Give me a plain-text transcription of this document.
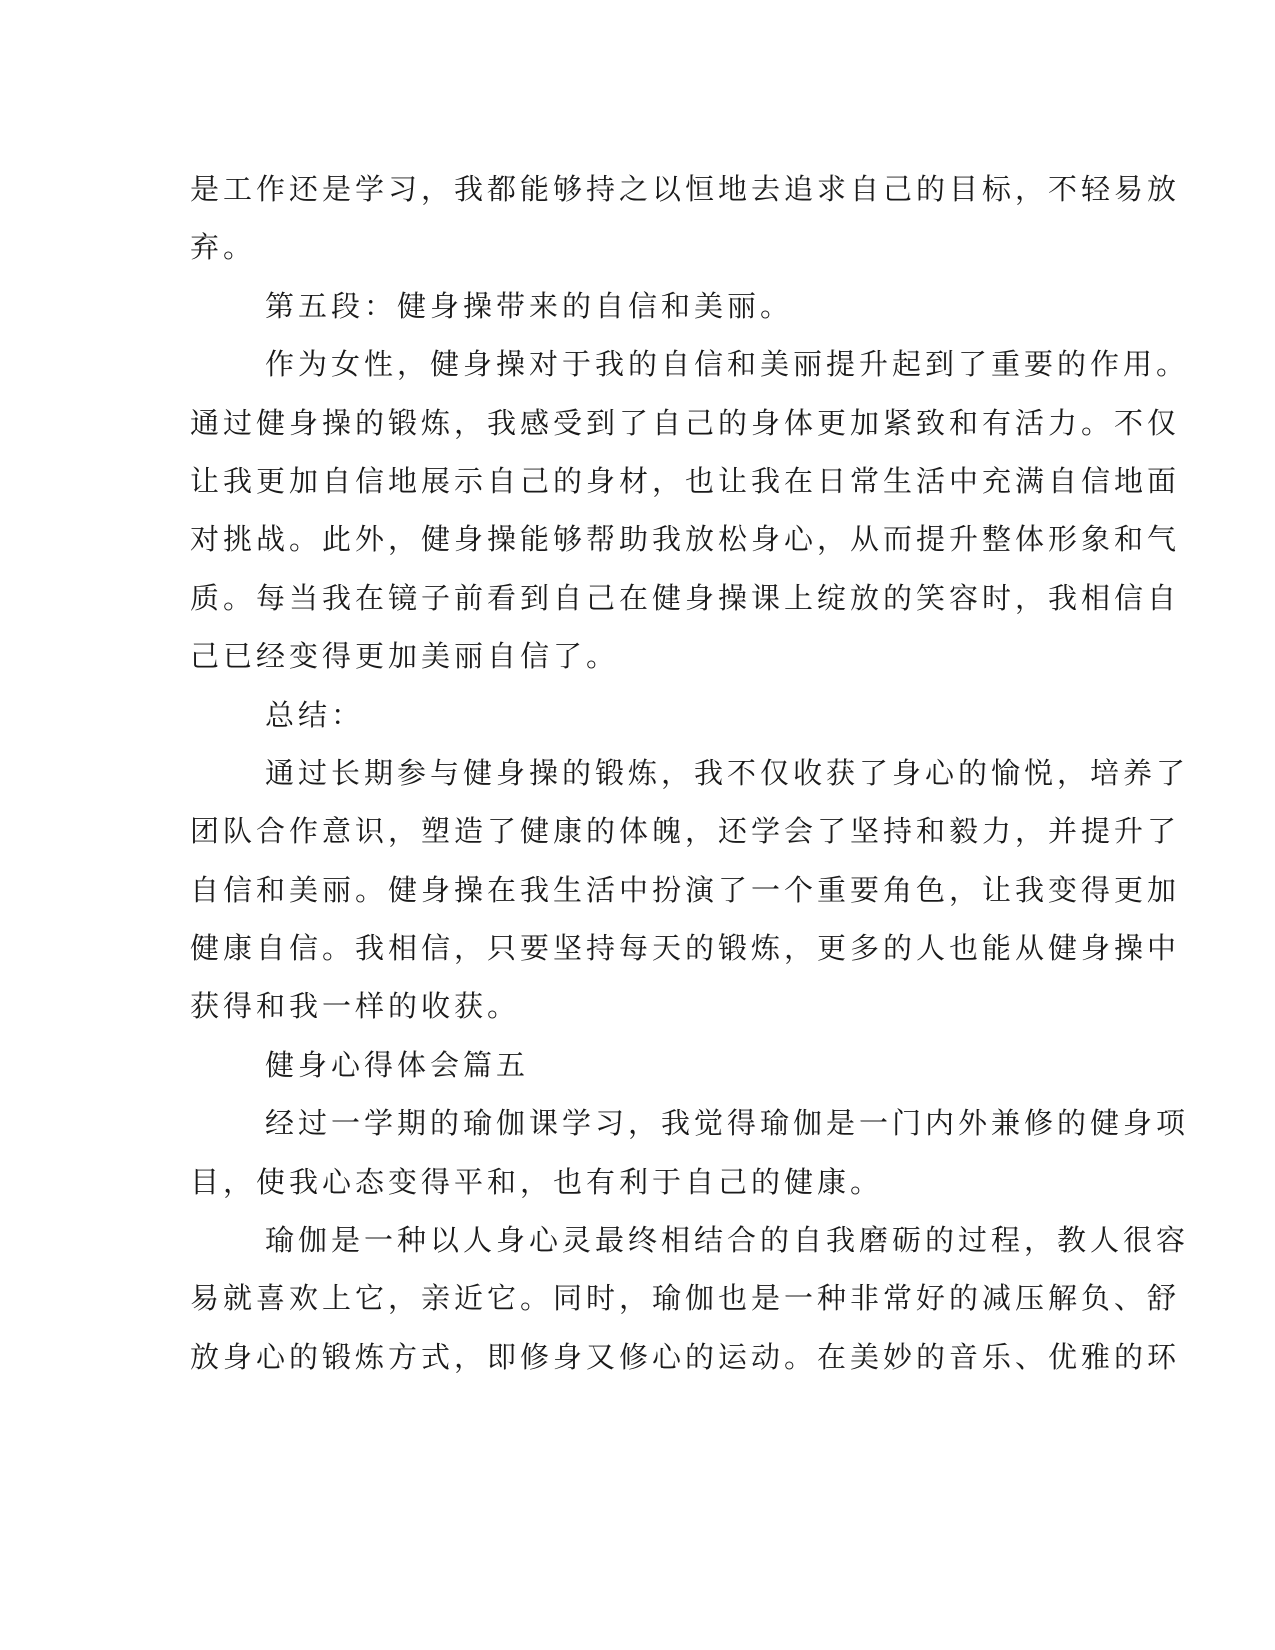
是工作还是学习，我都能够持之以恒地去追求自己的目标，不轻易放
弃。
第五段：健身操带来的自信和美丽。
作为女性，健身操对于我的自信和美丽提升起到了重要的作用。
通过健身操的锻炼，我感受到了自己的身体更加紧致和有活力。不仅
让我更加自信地展示自己的身材，也让我在日常生活中充满自信地面
对挑战。此外，健身操能够帮助我放松身心，从而提升整体形象和气
质。每当我在镜子前看到自己在健身操课上绽放的笑容时，我相信自
己已经变得更加美丽自信了。
总结：
通过长期参与健身操的锻炼，我不仅收获了身心的愉悦，培养了
团队合作意识，塑造了健康的体魄，还学会了坚持和毅力，并提升了
自信和美丽。健身操在我生活中扮演了一个重要角色，让我变得更加
健康自信。我相信，只要坚持每天的锻炼，更多的人也能从健身操中
获得和我一样的收获。
健身心得体会篇五
经过一学期的瑜伽课学习，我觉得瑜伽是一门内外兼修的健身项
目，使我心态变得平和，也有利于自己的健康。
瑜伽是一种以人身心灵最终相结合的自我磨砺的过程，教人很容
易就喜欢上它，亲近它。同时，瑜伽也是一种非常好的减压解负、舒
放身心的锻炼方式，即修身又修心的运动。在美妙的音乐、优雅的环
